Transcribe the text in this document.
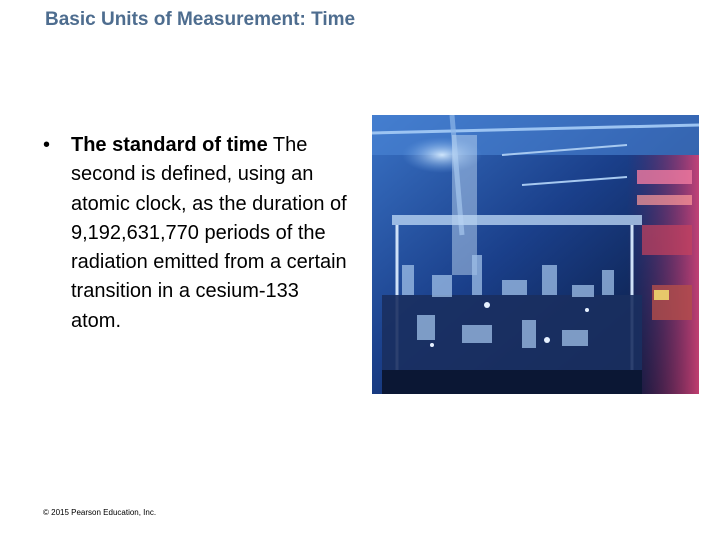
Basic Units of Measurement: Time
• The standard of time The second is defined, using an atomic clock, as the duration of 9,192,631,770 periods of the radiation emitted from a certain transition in a cesium-133 atom.
© 2015 Pearson Education, Inc.
